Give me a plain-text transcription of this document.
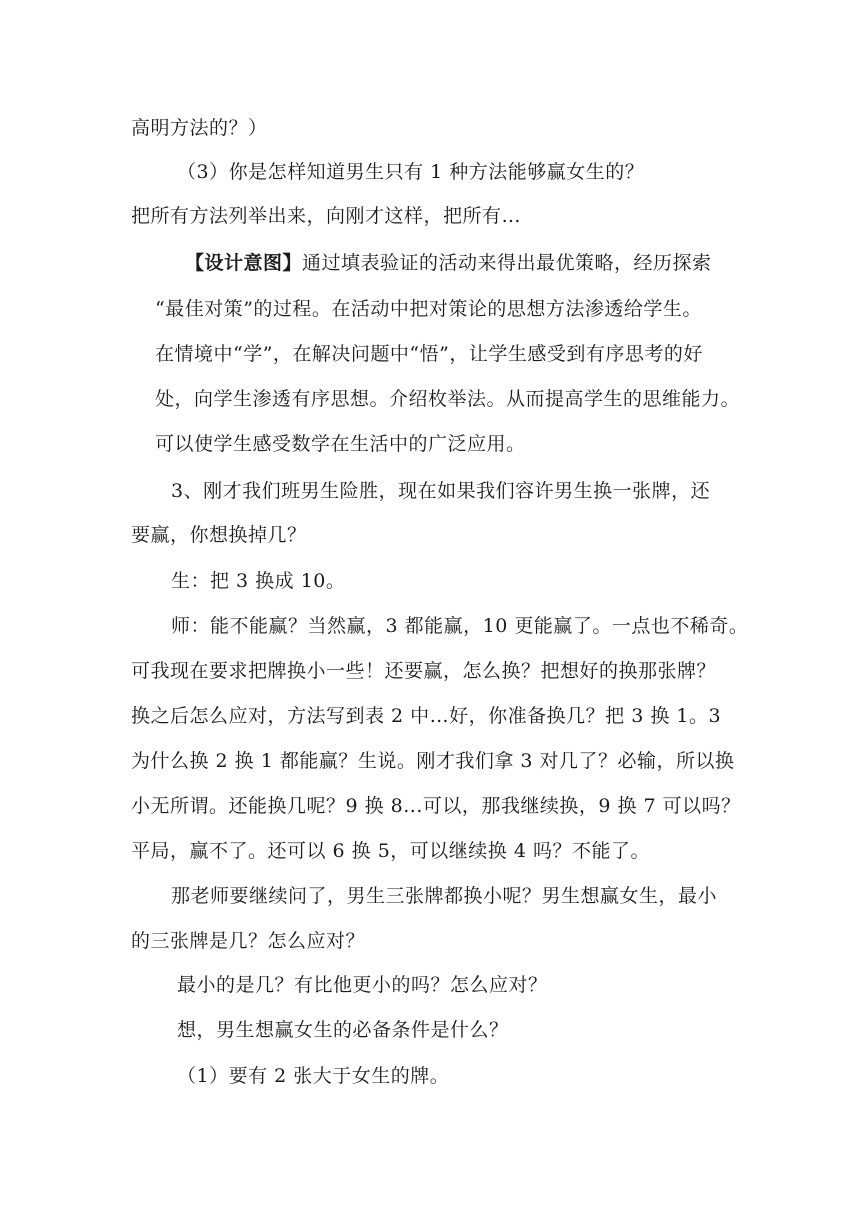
高明方法的？）
（3）你是怎样知道男生只有 1 种方法能够赢女生的？
把所有方法列举出来，向刚才这样，把所有…
【设计意图】通过填表验证的活动来得出最优策略，经历探索
“最佳对策”的过程。在活动中把对策论的思想方法渗透给学生。
在情境中“学”，在解决问题中“悟”，让学生感受到有序思考的好
处，向学生渗透有序思想。介绍枚举法。从而提高学生的思维能力。
可以使学生感受数学在生活中的广泛应用。
3、刚才我们班男生险胜，现在如果我们容许男生换一张牌，还
要赢，你想换掉几？
生：把 3 换成 10。
师：能不能赢？当然赢，3 都能赢，10 更能赢了。一点也不稀奇。
可我现在要求把牌换小一些！还要赢，怎么换？把想好的换那张牌？
换之后怎么应对，方法写到表 2 中…好，你准备换几？把 3 换 1。3
为什么换 2 换 1 都能赢？生说。刚才我们拿 3 对几了？必输，所以换
小无所谓。还能换几呢？9 换 8...可以，那我继续换，9 换 7 可以吗？
平局，赢不了。还可以 6 换 5，可以继续换 4 吗？不能了。
那老师要继续问了，男生三张牌都换小呢？男生想赢女生，最小
的三张牌是几？怎么应对？
最小的是几？有比他更小的吗？怎么应对？
想，男生想赢女生的必备条件是什么？
（1）要有 2 张大于女生的牌。
